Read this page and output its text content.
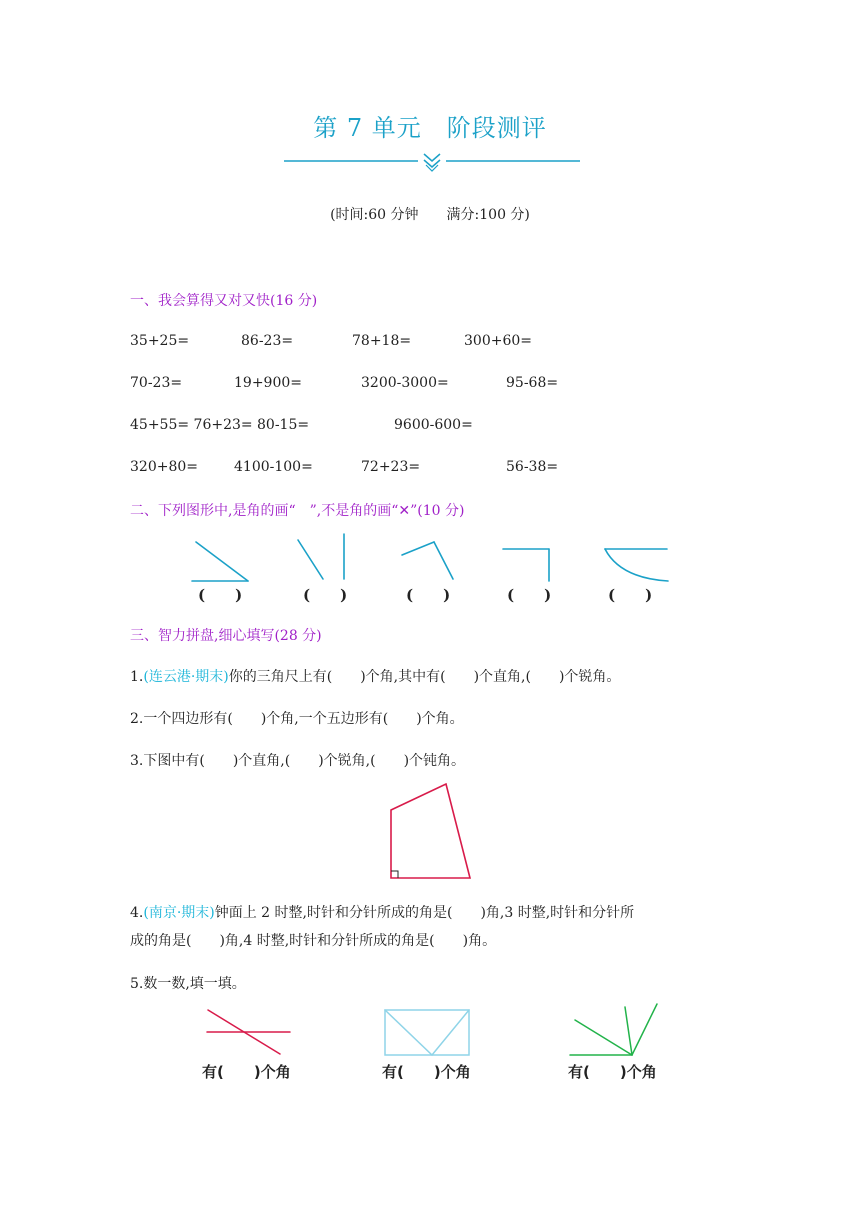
第 7 单元　阶段测评
(时间:60 分钟　　满分:100 分)
一、我会算得又对又快(16 分)
35+25=	86-23=	78+18=	300+60=
70-23=	19+900=	3200-3000=	95-68=
45+55= 76+23= 80-15=	9600-600=
320+80=	4100-100=	72+23=	56-38=
二、下列图形中,是角的画“　”,不是角的画“✕”(10 分)
(　　)	(　　)	(　　)	(　　)	(　　)
三、智力拼盘,细心填写(28 分)
1.(连云港·期末)你的三角尺上有(　　)个角,其中有(　　)个直角,(　　)个锐角。
2.一个四边形有(　　)个角,一个五边形有(　　)个角。
3.下图中有(　　)个直角,(　　)个锐角,(　　)个钝角。
4.(南京·期末)钟面上 2 时整,时针和分针所成的角是(　　)角,3 时整,时针和分针所
成的角是(　　)角,4 时整,时针和分针所成的角是(　　)角。
5.数一数,填一填。
有(　　)个角	有(　　)个角	有(　　)个角
